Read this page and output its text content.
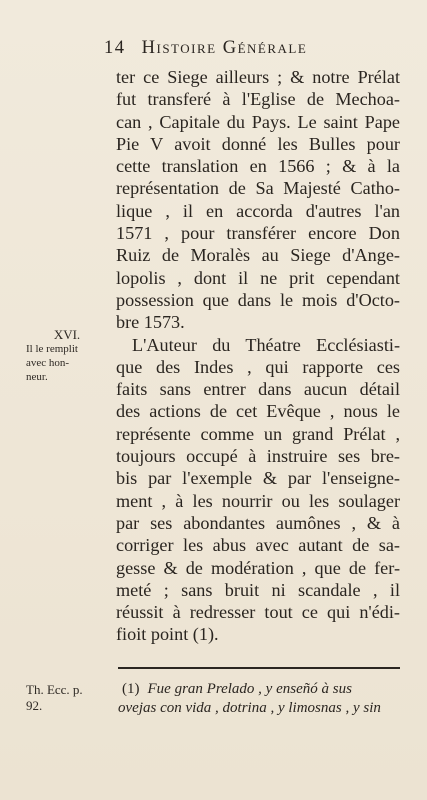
14 Histoire Générale
ter ce Siege ailleurs ; & notre Prélat
fut transferé à l'Eglise de Mechoa-
can , Capitale du Pays. Le saint Pape
Pie V avoit donné les Bulles pour
cette translation en 1566 ; & à la
représentation de Sa Majesté Catho-
lique , il en accorda d'autres l'an
1571 , pour transférer encore Don
Ruiz de Moralès au Siege d'Ange-
lopolis , dont il ne prit cependant
possession que dans le mois d'Octo-
bre 1573.
L'Auteur du Théatre Ecclésiasti-
que des Indes , qui rapporte ces
faits sans entrer dans aucun détail
des actions de cet Evêque , nous le
représente comme un grand Prélat ,
toujours occupé à instruire ses bre-
bis par l'exemple & par l'enseigne-
ment , à les nourrir ou les soulager
par ses abondantes aumônes , & à
corriger les abus avec autant de sa-
gesse & de modération , que de fer-
meté ; sans bruit ni scandale , il
réussit à redresser tout ce qui n'édi-
fioit point (1).
XVI.
Il le remplit
avec hon-
neur.
Th. Ecc. p.
92.
(1) Fue gran Prelado , y enseñó à sus
ovejas con vida , dotrina , y limosnas , y sin
